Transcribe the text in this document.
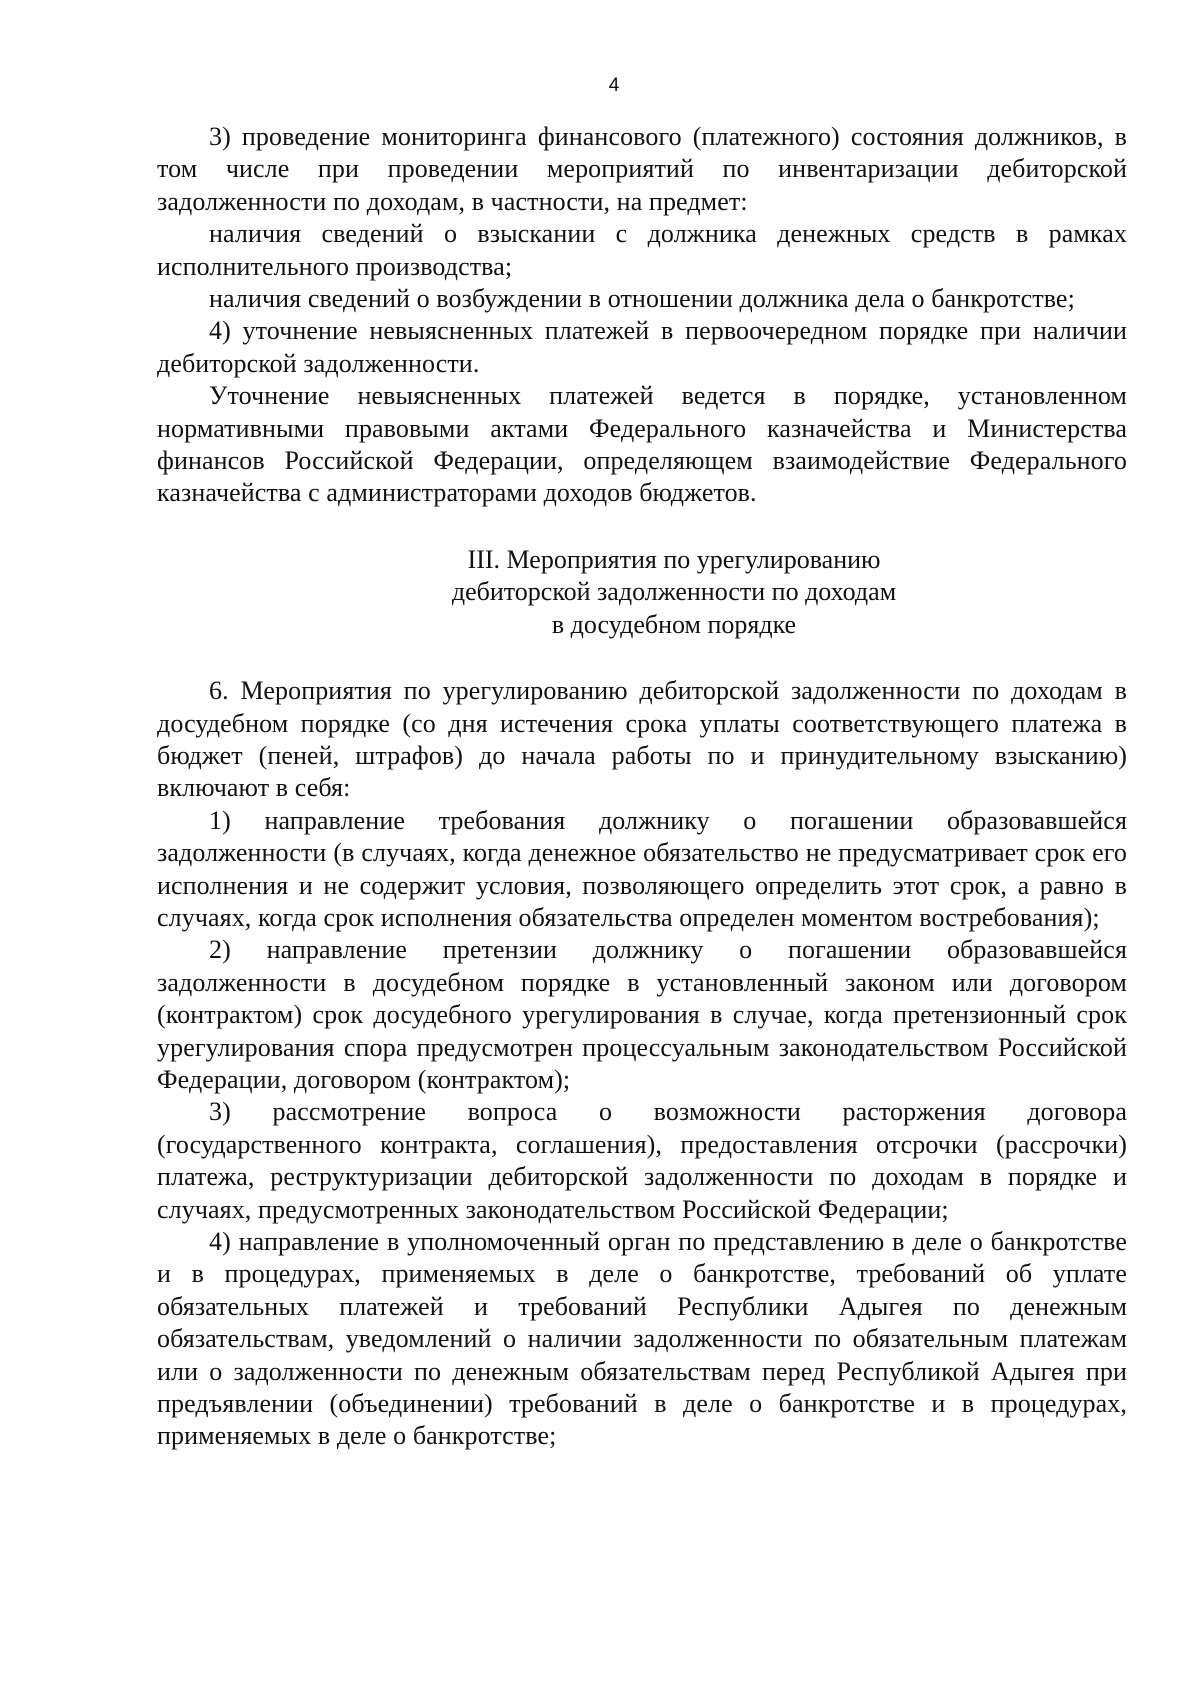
4

3) проведение мониторинга финансового (платежного) состояния должников, в том числе при проведении мероприятий по инвентаризации дебиторской задолженности по доходам, в частности, на предмет:

наличия сведений о взыскании с должника денежных средств в рамках исполнительного производства;

наличия сведений о возбуждении в отношении должника дела о банкротстве;

4) уточнение невыясненных платежей в первоочередном порядке при наличии дебиторской задолженности.

Уточнение невыясненных платежей ведется в порядке, установленном нормативными правовыми актами Федерального казначейства и Министерства финансов Российской Федерации, определяющем взаимодействие Федерального казначейства с администраторами доходов бюджетов.

III. Мероприятия по урегулированию
дебиторской задолженности по доходам
в досудебном порядке

6. Мероприятия по урегулированию дебиторской задолженности по доходам в досудебном порядке (со дня истечения срока уплаты соответствующего платежа в бюджет (пеней, штрафов) до начала работы по и принудительному взысканию) включают в себя:

1) направление требования должнику о погашении образовавшейся задолженности (в случаях, когда денежное обязательство не предусматривает срок его исполнения и не содержит условия, позволяющего определить этот срок, а равно в случаях, когда срок исполнения обязательства определен моментом востребования);

2) направление претензии должнику о погашении образовавшейся задолженности в досудебном порядке в установленный законом или договором (контрактом) срок досудебного урегулирования в случае, когда претензионный срок урегулирования спора предусмотрен процессуальным законодательством Российской Федерации, договором (контрактом);

3) рассмотрение вопроса о возможности расторжения договора (государственного контракта, соглашения), предоставления отсрочки (рассрочки) платежа, реструктуризации дебиторской задолженности по доходам в порядке и случаях, предусмотренных законодательством Российской Федерации;

4) направление в уполномоченный орган по представлению в деле о банкротстве и в процедурах, применяемых в деле о банкротстве, требований об уплате обязательных платежей и требований Республики Адыгея по денежным обязательствам, уведомлений о наличии задолженности по обязательным платежам или о задолженности по денежным обязательствам перед Республикой Адыгея при предъявлении (объединении) требований в деле о банкротстве и в процедурах, применяемых в деле о банкротстве;
